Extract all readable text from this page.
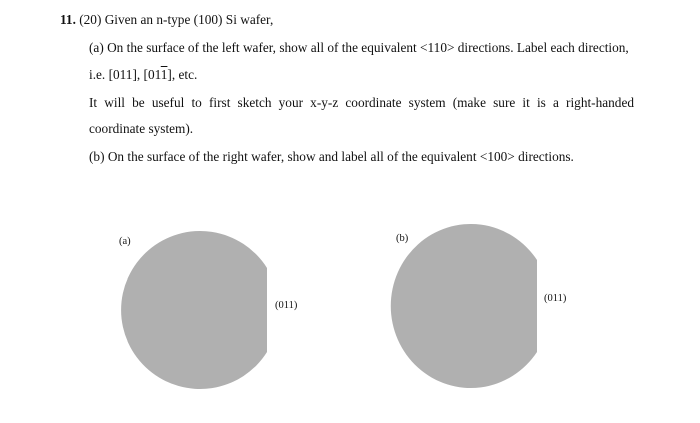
11. (20) Given an n-type (100) Si wafer,
(a) On the surface of the left wafer, show all of the equivalent <110> directions. Label each direction,
i.e. [011], [011], etc.
It will be useful to first sketch your x-y-z coordinate system (make sure it is a right-handed
coordinate system).
(b) On the surface of the right wafer, show and label all of the equivalent <100> directions.
(a)	(b)
(011)
(011)
